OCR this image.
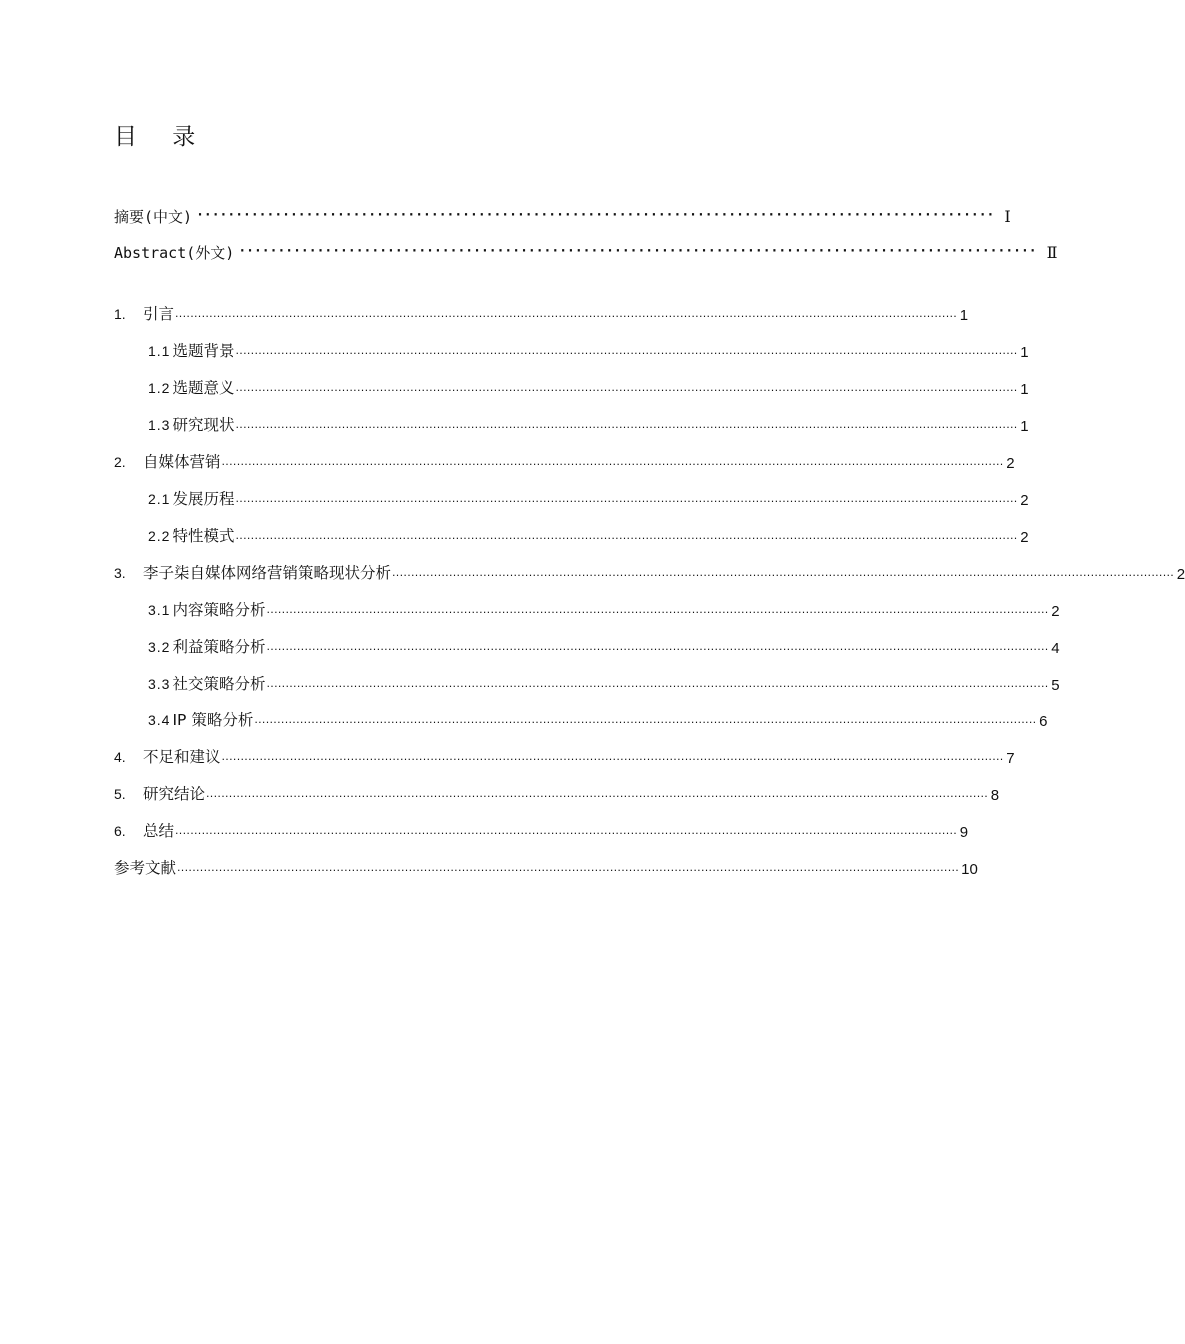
目 录
摘要(中文) ······································································································ Ⅰ
Abstract(外文) ······································································································ Ⅱ
1. 引言 .............................................................................................................................................................................................................. 1
1.1 选题背景 .............................................................................................................................................................................................................. 1
1.2 选题意义 .............................................................................................................................................................................................................. 1
1.3 研究现状 .............................................................................................................................................................................................................. 1
2. 自媒体营销 .............................................................................................................................................................................................................. 2
2.1 发展历程 .............................................................................................................................................................................................................. 2
2.2 特性模式 .............................................................................................................................................................................................................. 2
3. 李子柒自媒体网络营销策略现状分析 .............................................................................................................................................................................................................. 2
3.1 内容策略分析 .............................................................................................................................................................................................................. 2
3.2 利益策略分析 .............................................................................................................................................................................................................. 4
3.3 社交策略分析 .............................................................................................................................................................................................................. 5
3.4 IP 策略分析 .............................................................................................................................................................................................................. 6
4. 不足和建议 .............................................................................................................................................................................................................. 7
5. 研究结论 .............................................................................................................................................................................................................. 8
6. 总结 .............................................................................................................................................................................................................. 9
参考文献 .............................................................................................................................................................................................................. 10
